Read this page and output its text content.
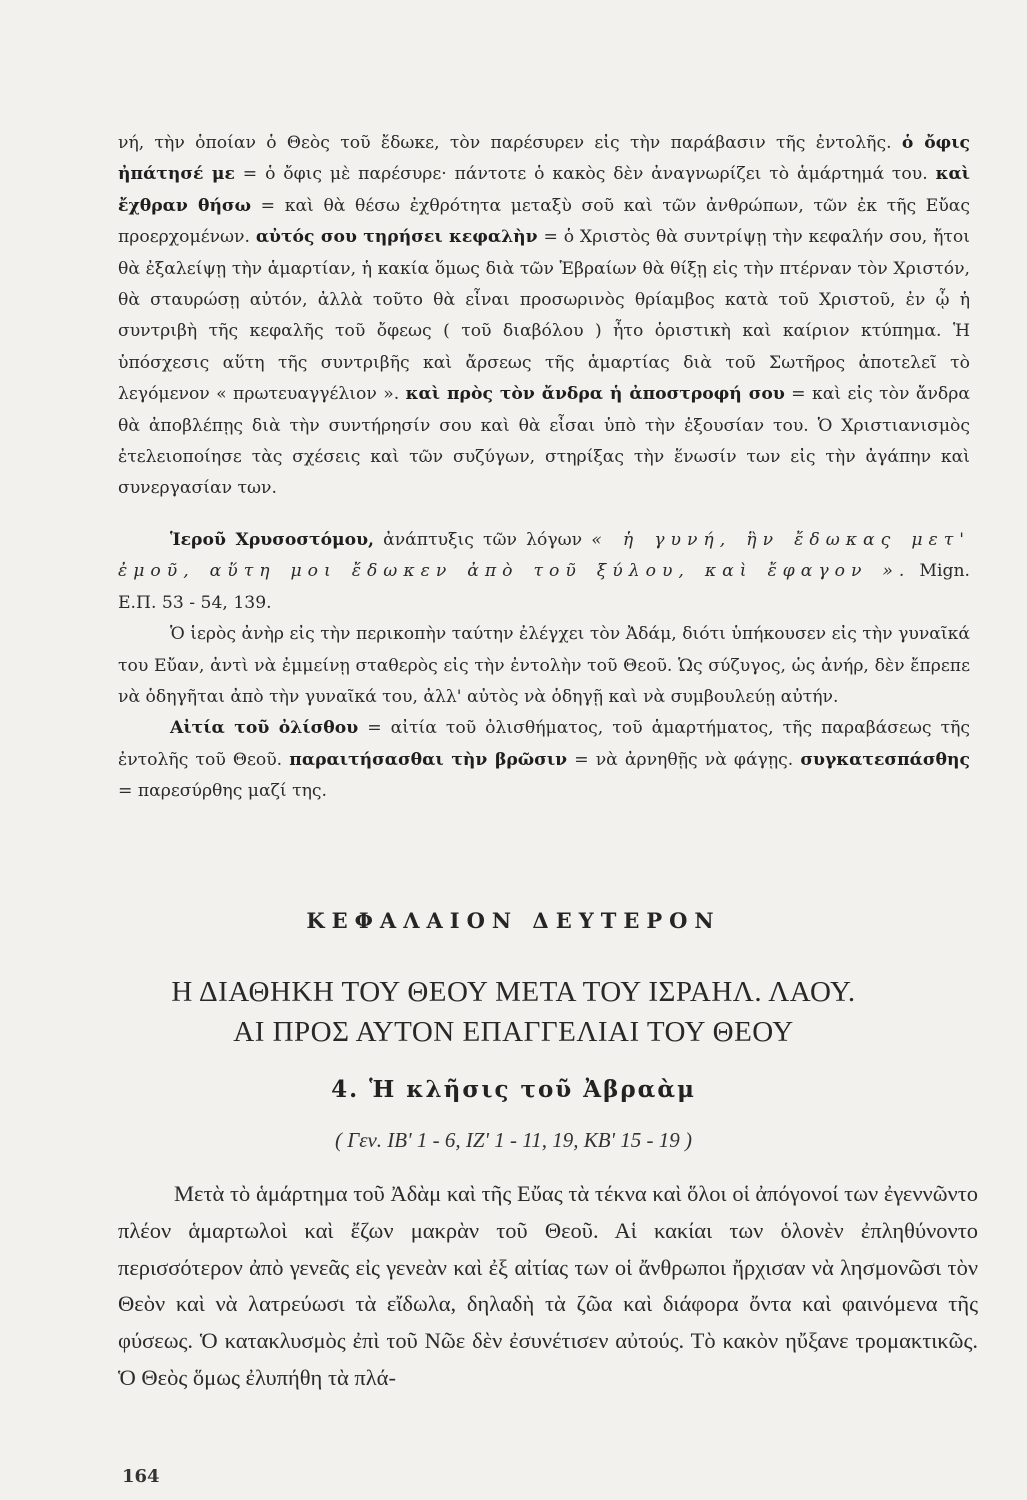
νή, τὴν ὁποίαν ὁ Θεὸς τοῦ ἔδωκε, τὸν παρέσυρεν εἰς τὴν παράβασιν τῆς ἐντολῆς. ὁ ὄφις ἠπάτησέ με = ὁ ὄφις μὲ παρέσυρε· πάντοτε ὁ κακὸς δὲν ἀναγνωρίζει τὸ ἁμάρτημά του. καὶ ἔχθραν θήσω = καὶ θὰ θέσω ἐχθρότητα μεταξὺ σοῦ καὶ τῶν ἀνθρώπων, τῶν ἐκ τῆς Εὔας προερχομένων. αὐτός σου τηρήσει κεφαλὴν = ὁ Χριστὸς θὰ συντρίψῃ τὴν κεφαλήν σου, ἤτοι θὰ ἐξαλείψῃ τὴν ἁμαρτίαν, ἡ κακία ὅμως διὰ τῶν Ἑβραίων θὰ θίξῃ εἰς τὴν πτέρναν τὸν Χριστόν, θὰ σταυρώσῃ αὐτόν, ἀλλὰ τοῦτο θὰ εἶναι προσωρινὸς θρίαμβος κατὰ τοῦ Χριστοῦ, ἐν ᾧ ἡ συντριβὴ τῆς κεφαλῆς τοῦ ὄφεως ( τοῦ διαβόλου ) ἦτο ὁριστικὴ καὶ καίριον κτύπημα. Ἡ ὑπόσχεσις αὕτη τῆς συντριβῆς καὶ ἄρσεως τῆς ἁμαρτίας διὰ τοῦ Σωτῆρος ἀποτελεῖ τὸ λεγόμενον « πρωτευαγγέλιον ». καὶ πρὸς τὸν ἄνδρα ἡ ἀποστροφή σου = καὶ εἰς τὸν ἄνδρα θὰ ἀποβλέπῃς διὰ τὴν συντήρησίν σου καὶ θὰ εἶσαι ὑπὸ τὴν ἐξουσίαν του. Ὁ Χριστιανισμὸς ἐτελειοποίησε τὰς σχέσεις καὶ τῶν συζύγων, στηρίξας τὴν ἕνωσίν των εἰς τὴν ἀγάπην καὶ συνεργασίαν των.

Ἱεροῦ Χρυσοστόμου, ἀνάπτυξις τῶν λόγων « ἡ γυνή, ἣν ἔδωκας μετ' ἐμοῦ, αὕτη μοι ἔδωκεν ἀπὸ τοῦ ξύλου, καὶ ἔφαγον ». Mign. Ε.Π. 53 - 54, 139.

Ὁ ἱερὸς ἀνὴρ εἰς τὴν περικοπὴν ταύτην ἐλέγχει τὸν Ἀδάμ, διότι ὑπήκουσεν εἰς τὴν γυναῖκά του Εὔαν, ἀντὶ νὰ ἐμμείνῃ σταθερὸς εἰς τὴν ἐντολὴν τοῦ Θεοῦ. Ὡς σύζυγος, ὡς ἀνήρ, δὲν ἔπρεπε νὰ ὁδηγῆται ἀπὸ τὴν γυναῖκά του, ἀλλ' αὐτὸς νὰ ὁδηγῇ καὶ νὰ συμβουλεύῃ αὐτήν.

Αἰτία τοῦ ὀλίσθου = αἰτία τοῦ ὀλισθήματος, τοῦ ἁμαρτήματος, τῆς παραβάσεως τῆς ἐντολῆς τοῦ Θεοῦ. παραιτήσασθαι τὴν βρῶσιν = νὰ ἀρνηθῇς νὰ φάγῃς. συγκατεσπάσθης = παρεσύρθης μαζί της.

ΚΕΦΑΛΑΙΟΝ ΔΕΥΤΕΡΟΝ
Η ΔΙΑΘΗΚΗ ΤΟΥ ΘΕΟΥ ΜΕΤΑ ΤΟΥ ΙΣΡΑΗΛ. ΛΑΟΥ.
ΑΙ ΠΡΟΣ ΑΥΤΟΝ ΕΠΑΓΓΕΛΙΑΙ ΤΟΥ ΘΕΟΥ
4. Ἡ κλῆσις τοῦ Ἀβραὰμ
( Γεν. ΙΒ' 1 - 6, ΙΖ' 1 - 11, 19, ΚΒ' 15 - 19 )

Μετὰ τὸ ἁμάρτημα τοῦ Ἀδὰμ καὶ τῆς Εὔας τὰ τέκνα καὶ ὅλοι οἱ ἀπόγονοί των ἐγεννῶντο πλέον ἁμαρτωλοὶ καὶ ἔζων μακρὰν τοῦ Θεοῦ. Αἱ κακίαι των ὁλονὲν ἐπληθύνοντο περισσότερον ἀπὸ γενεᾶς εἰς γενεὰν καὶ ἐξ αἰτίας των οἱ ἄνθρωποι ἤρχισαν νὰ λησμονῶσι τὸν Θεὸν καὶ νὰ λατρεύωσι τὰ εἴδωλα, δηλαδὴ τὰ ζῶα καὶ διάφορα ὄντα καὶ φαινόμενα τῆς φύσεως. Ὁ κατακλυσμὸς ἐπὶ τοῦ Νῶε δὲν ἐσυνέτισεν αὐτούς. Τὸ κακὸν ηὔξανε τρομακτικῶς. Ὁ Θεὸς ὅμως ἐλυπήθη τὰ πλά-

164
